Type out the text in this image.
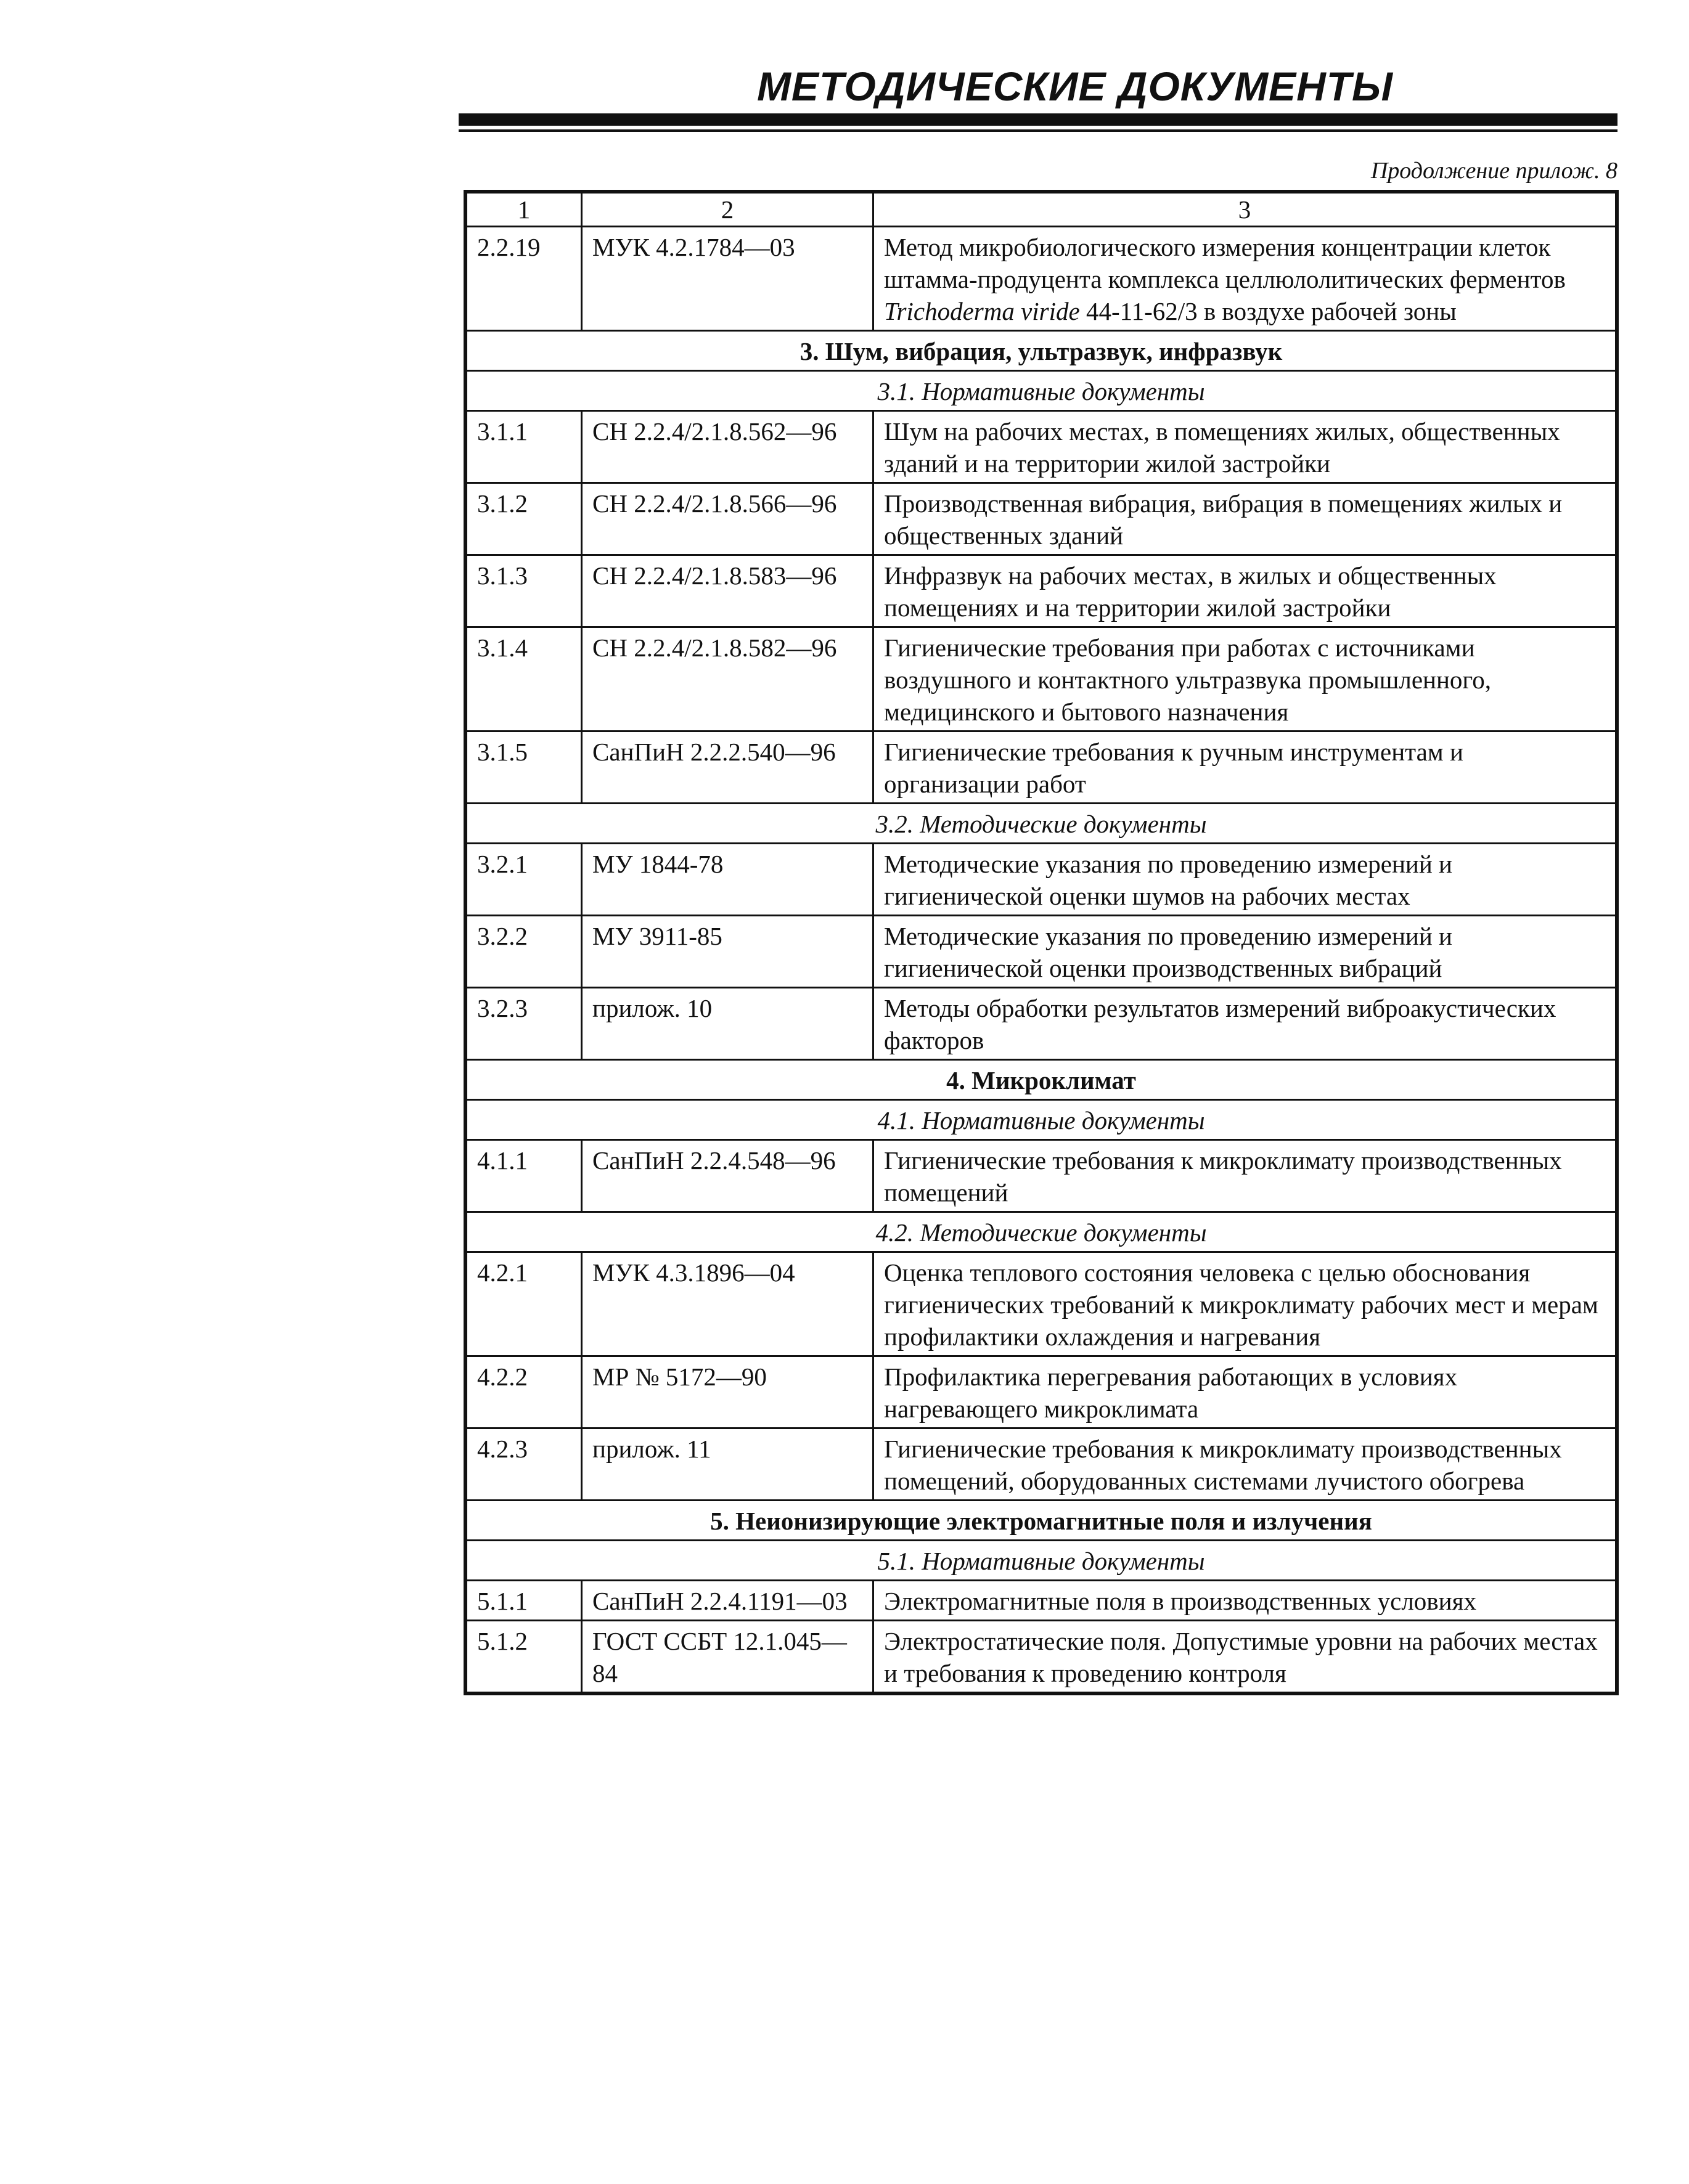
МЕТОДИЧЕСКИЕ ДОКУМЕНТЫ
Продолжение прилож. 8
1	2	3
2.2.19	МУК 4.2.1784—03	Метод микробиологического измерения концентрации клеток штамма-продуцента комплекса целлюлолитических ферментов Trichoderma viride 44-11-62/3 в воздухе рабочей зоны
3. Шум, вибрация, ультразвук, инфразвук		
3.1. Нормативные документы		
3.1.1	СН 2.2.4/2.1.8.562—96	Шум на рабочих местах, в помещениях жилых, общественных зданий и на территории жилой застройки
3.1.2	СН 2.2.4/2.1.8.566—96	Производственная вибрация, вибрация в помещениях жилых и общественных зданий
3.1.3	СН 2.2.4/2.1.8.583—96	Инфразвук на рабочих местах, в жилых и общественных помещениях и на территории жилой застройки
3.1.4	СН 2.2.4/2.1.8.582—96	Гигиенические требования при работах с источниками воздушного и контактного ультразвука промышленного, медицинского и бытового назначения
3.1.5	СанПиН 2.2.2.540—96	Гигиенические требования к ручным инструментам и организации работ
3.2. Методические документы		
3.2.1	МУ 1844-78	Методические указания по проведению измерений и гигиенической оценки шумов на рабочих местах
3.2.2	МУ 3911-85	Методические указания по проведению измерений и гигиенической оценки производственных вибраций
3.2.3	прилож. 10	Методы обработки результатов измерений виброакустических факторов
4. Микроклимат		
4.1. Нормативные документы		
4.1.1	СанПиН 2.2.4.548—96	Гигиенические требования к микроклимату производственных помещений
4.2. Методические документы		
4.2.1	МУК 4.3.1896—04	Оценка теплового состояния человека с целью обоснования гигиенических требований к микроклимату рабочих мест и мерам профилактики охлаждения и нагревания
4.2.2	МР № 5172—90	Профилактика перегревания работающих в условиях нагревающего микроклимата
4.2.3	прилож. 11	Гигиенические требования к микроклимату производственных помещений, оборудованных системами лучистого обогрева
5. Неионизирующие электромагнитные поля и излучения		
5.1. Нормативные документы		
5.1.1	СанПиН 2.2.4.1191—03	Электромагнитные поля в производственных условиях
5.1.2	ГОСТ ССБТ 12.1.045—84	Электростатические поля. Допустимые уровни на рабочих местах и требования к проведению контроля
